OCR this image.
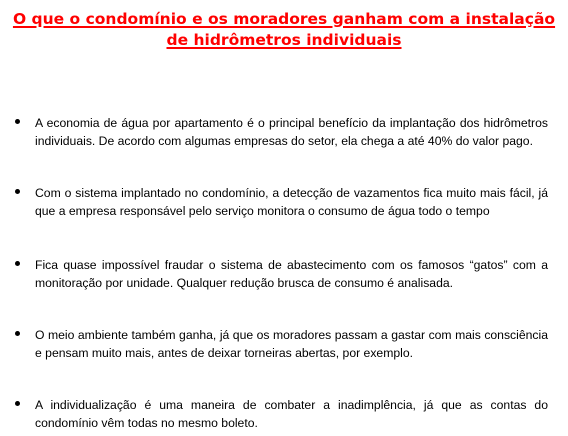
O que o condomínio e os moradores ganham com a instalação de hidrômetros individuais
A economia de água por apartamento é o principal benefício da implantação dos hidrômetros individuais. De acordo com algumas empresas do setor, ela chega a até 40% do valor pago.
Com o sistema implantado no condomínio, a detecção de vazamentos fica muito mais fácil, já que a empresa responsável pelo serviço monitora o consumo de água todo o tempo
Fica quase impossível fraudar o sistema de abastecimento com os famosos “gatos” com a monitoração por unidade. Qualquer redução brusca de consumo é analisada.
O meio ambiente também ganha, já que os moradores passam a gastar com mais consciência e pensam muito mais, antes de deixar torneiras abertas, por exemplo.
A individualização é uma maneira de combater a inadimplência, já que as contas do condomínio vêm todas no mesmo boleto.
